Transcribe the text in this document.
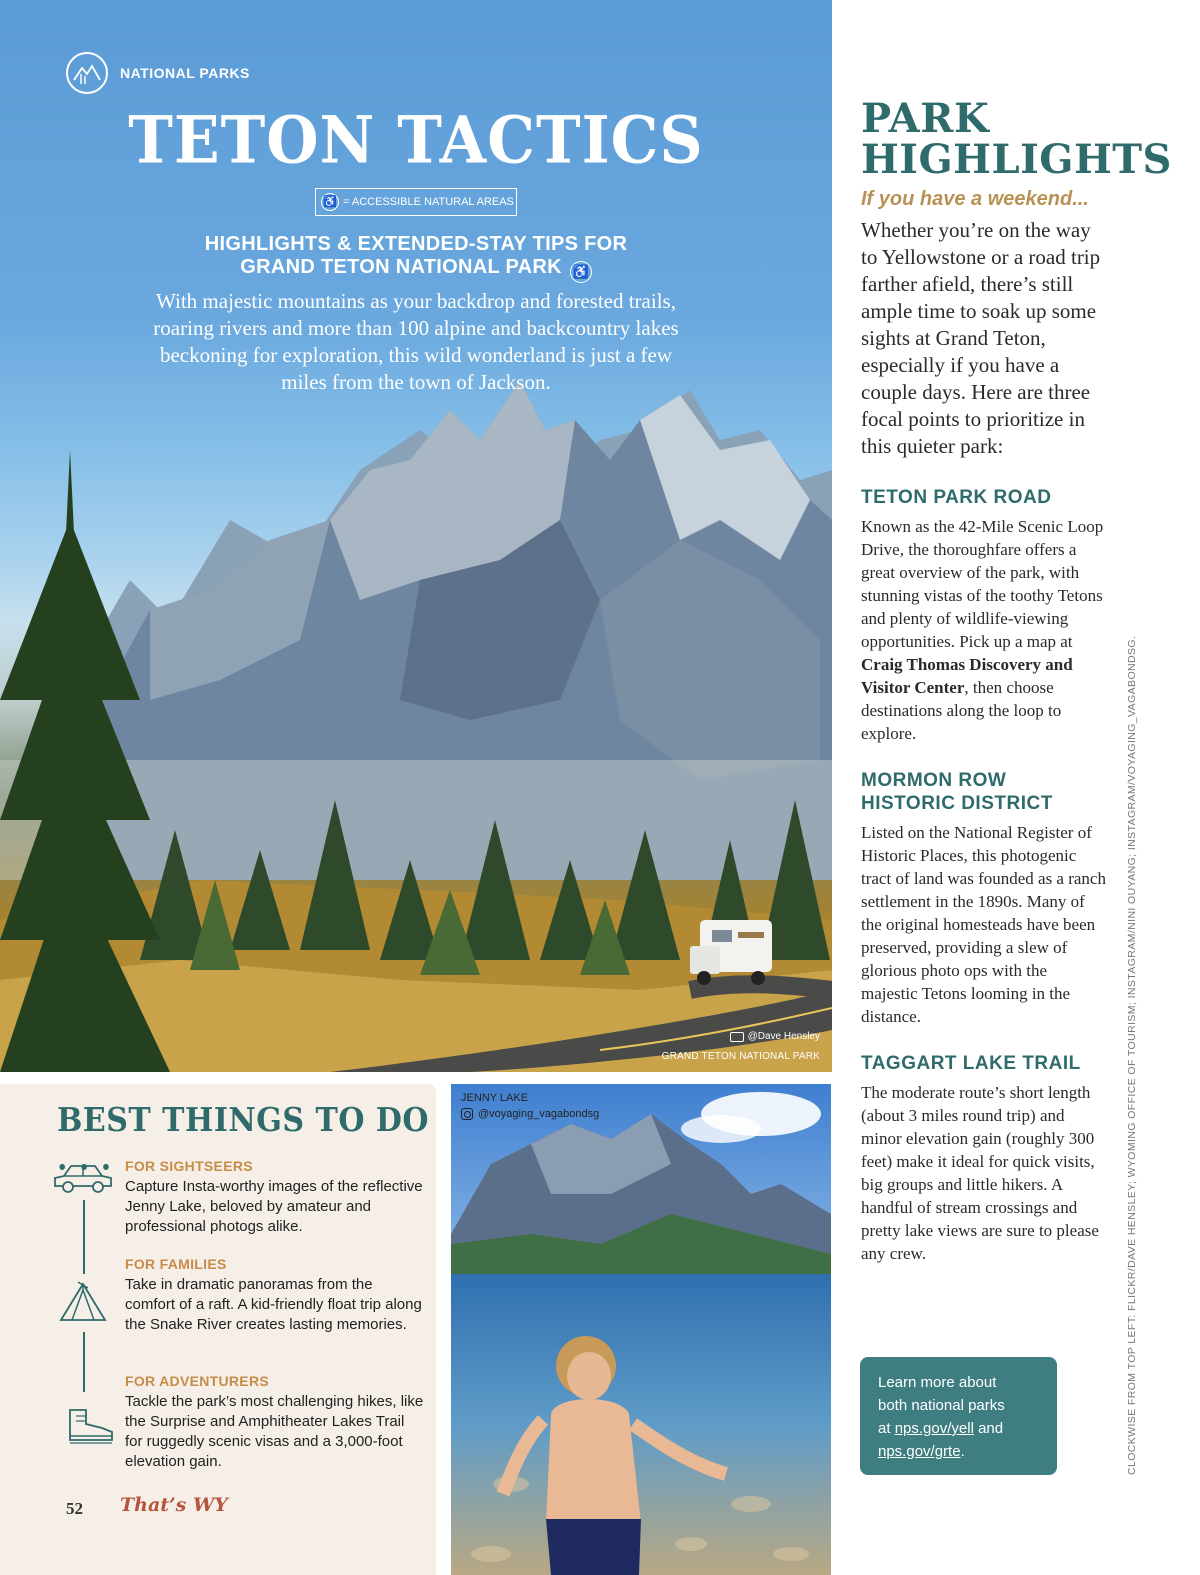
NATIONAL PARKS
TETON TACTICS
♿ = ACCESSIBLE NATURAL AREAS
HIGHLIGHTS & EXTENDED-STAY TIPS FOR
GRAND TETON NATIONAL PARK ♿

With majestic mountains as your backdrop and forested trails, roaring rivers and more than 100 alpine and backcountry lakes beckoning for exploration, this wild wonderland is just a few miles from the town of Jackson.

@Dave Hensley
GRAND TETON NATIONAL PARK
PARK
HIGHLIGHTS
If you have a weekend...

Whether you’re on the way to Yellowstone or a road trip farther afield, there’s still ample time to soak up some sights at Grand Teton, especially if you have a couple days. Here are three focal points to prioritize in this quieter park:

TETON PARK ROAD

Known as the 42-Mile Scenic Loop Drive, the thoroughfare offers a great overview of the park, with stunning vistas of the toothy Tetons and plenty of wildlife-viewing opportunities. Pick up a map at Craig Thomas Discovery and Visitor Center, then choose destinations along the loop to explore.

MORMON ROW
HISTORIC DISTRICT

Listed on the National Register of Historic Places, this photogenic tract of land was founded as a ranch settlement in the 1890s. Many of the original homesteads have been preserved, providing a slew of glorious photo ops with the majestic Tetons looming in the distance.

TAGGART LAKE TRAIL

The moderate route’s short length (about 3 miles round trip) and minor elevation gain (roughly 300 feet) make it ideal for quick visits, big groups and little hikers. A handful of stream crossings and pretty lake views are sure to please any crew.

Learn more about
both national parks
at nps.gov/yell and
nps.gov/grte.	CLOCKWISE FROM TOP LEFT: FLICKR/DAVE HENSLEY; WYOMING OFFICE OF TOURISM; INSTAGRAM/NINI OUYANG; INSTAGRAM/VOYAGING_VAGABONDSG.
BEST THINGS TO DO . . . FOR SIGHTSEERS
Capture Insta-worthy images of the reflective Jenny Lake, beloved by amateur and professional photogs alike.
FOR FAMILIES
Take in dramatic panoramas from the comfort of a raft. A kid-friendly float trip along the Snake River creates lasting memories.
FOR ADVENTURERS
Tackle the park’s most challenging hikes, like the Surprise and Amphitheater Lakes Trail for ruggedly scenic visas and a 3,000-foot elevation gain.
52 That’s WY
JENNY LAKE
@voyaging_vagabondsg
